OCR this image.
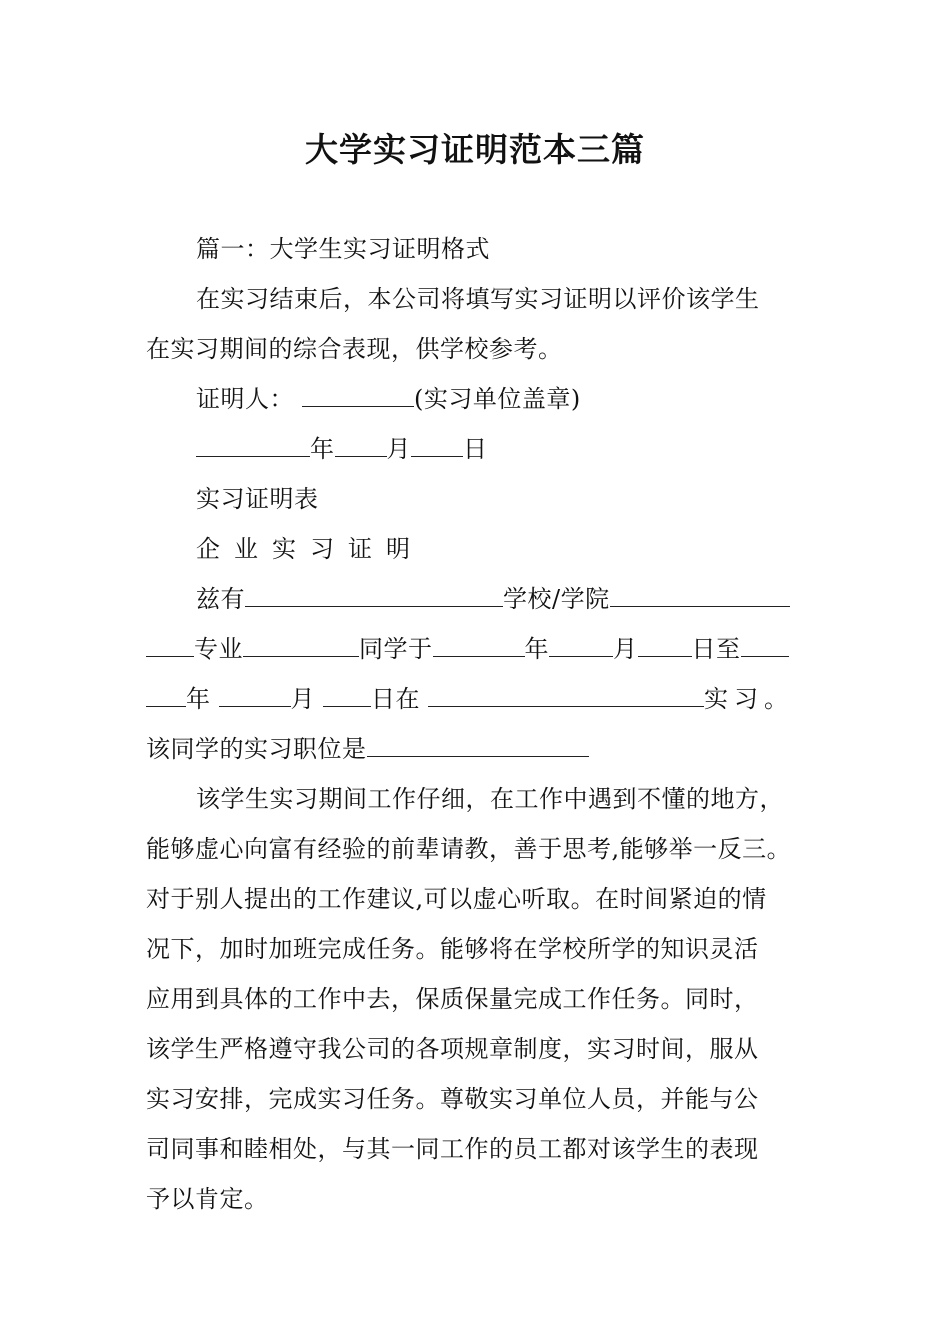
大学实习证明范本三篇
篇一：大学生实习证明格式
在实习结束后，本公司将填写实习证明以评价该学生
在实习期间的综合表现，供学校参考。
证明人：	(实习单位盖章)
年 月 日
实习证明表
企业实习证明
兹有	学校/学院
专业	同学于	年	月 日至
年	月 日在	实习。
该同学的实习职位是
该学生实习期间工作仔细，在工作中遇到不懂的地方，
能够虚心向富有经验的前辈请教，善于思考,能够举一反三。
对于别人提出的工作建议,可以虚心听取。在时间紧迫的情
况下，加时加班完成任务。能够将在学校所学的知识灵活
应用到具体的工作中去，保质保量完成工作任务。同时，
该学生严格遵守我公司的各项规章制度，实习时间，服从
实习安排，完成实习任务。尊敬实习单位人员，并能与公
司同事和睦相处，与其一同工作的员工都对该学生的表现
予以肯定。
